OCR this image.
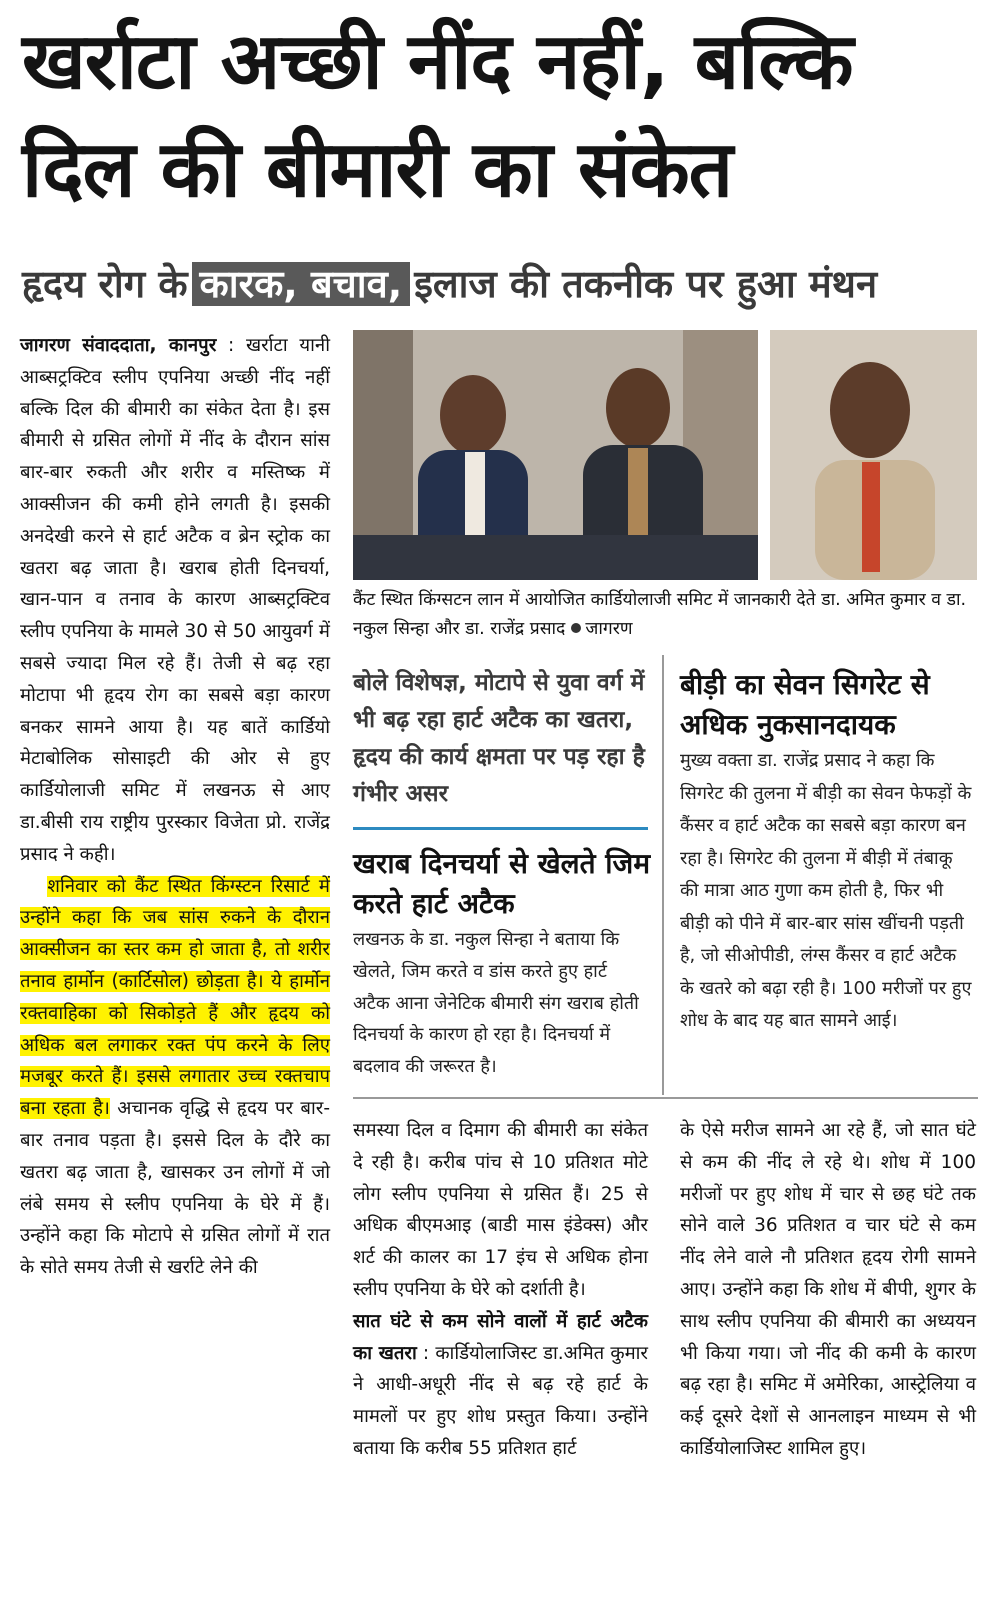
खर्राटा अच्छी नींद नहीं, बल्कि
दिल की बीमारी का संकेत
हृदय रोग के कारक, बचाव, इलाज की तकनीक पर हुआ मंथन
जागरण संवाददाता, कानपुर : खर्राटा यानी आब्सट्रक्टिव स्लीप एपनिया अच्छी नींद नहीं बल्कि दिल की बीमारी का संकेत देता है। इस बीमारी से ग्रसित लोगों में नींद के दौरान सांस बार-बार रुकती और शरीर व मस्तिष्क में आक्सीजन की कमी होने लगती है। इसकी अनदेखी करने से हार्ट अटैक व ब्रेन स्ट्रोक का खतरा बढ़ जाता है। खराब होती दिनचर्या, खान-पान व तनाव के कारण आब्सट्रक्टिव स्लीप एपनिया के मामले 30 से 50 आयुवर्ग में सबसे ज्यादा मिल रहे हैं। तेजी से बढ़ रहा मोटापा भी हृदय रोग का सबसे बड़ा कारण बनकर सामने आया है। यह बातें कार्डियो मेटाबोलिक सोसाइटी की ओर से हुए कार्डियोलाजी समिट में लखनऊ से आए डा.बीसी राय राष्ट्रीय पुरस्कार विजेता प्रो. राजेंद्र प्रसाद ने कही।
शनिवार को कैंट स्थित किंग्स्टन रिसार्ट में उन्होंने कहा कि जब सांस रुकने के दौरान आक्सीजन का स्तर कम हो जाता है, तो शरीर तनाव हार्मोन (कार्टिसोल) छोड़ता है। ये हार्मोन रक्तवाहिका को सिकोड़ते हैं और हृदय को अधिक बल लगाकर रक्त पंप करने के लिए मजबूर करते हैं। इससे लगातार उच्च रक्तचाप बना रहता है। अचानक वृद्धि से हृदय पर बार-बार तनाव पड़ता है। इससे दिल के दौरे का खतरा बढ़ जाता है, खासकर उन लोगों में जो लंबे समय से स्लीप एपनिया के घेरे में हैं। उन्होंने कहा कि मोटापे से ग्रसित लोगों में रात के सोते समय तेजी से खर्राटे लेने की
कैंट स्थित किंग्सटन लान में आयोजित कार्डियोलाजी समिट में जानकारी देते डा. अमित कुमार व डा. नकुल सिन्हा और डा. राजेंद्र प्रसाद जागरण
बोले विशेषज्ञ, मोटापे से युवा वर्ग में भी बढ़ रहा हार्ट अटैक का खतरा, हृदय की कार्य क्षमता पर पड़ रहा है गंभीर असर
खराब दिनचर्या से खेलते जिम करते हार्ट अटैक
लखनऊ के डा. नकुल सिन्हा ने बताया कि खेलते, जिम करते व डांस करते हुए हार्ट अटैक आना जेनेटिक बीमारी संग खराब होती दिनचर्या के कारण हो रहा है। दिनचर्या में बदलाव की जरूरत है।
बीड़ी का सेवन सिगरेट से अधिक नुकसानदायक
मुख्य वक्ता डा. राजेंद्र प्रसाद ने कहा कि सिगरेट की तुलना में बीड़ी का सेवन फेफड़ों के कैंसर व हार्ट अटैक का सबसे बड़ा कारण बन रहा है। सिगरेट की तुलना में बीड़ी में तंबाकू की मात्रा आठ गुणा कम होती है, फिर भी बीड़ी को पीने में बार-बार सांस खींचनी पड़ती है, जो सीओपीडी, लंग्स कैंसर व हार्ट अटैक के खतरे को बढ़ा रही है। 100 मरीजों पर हुए शोध के बाद यह बात सामने आई।
समस्या दिल व दिमाग की बीमारी का संकेत दे रही है। करीब पांच से 10 प्रतिशत मोटे लोग स्लीप एपनिया से ग्रसित हैं। 25 से अधिक बीएमआइ (बाडी मास इंडेक्स) और शर्ट की कालर का 17 इंच से अधिक होना स्लीप एपनिया के घेरे को दर्शाती है।
सात घंटे से कम सोने वालों में हार्ट अटैक का खतरा : कार्डियोलाजिस्ट डा.अमित कुमार ने आधी-अधूरी नींद से बढ़ रहे हार्ट के मामलों पर हुए शोध प्रस्तुत किया। उन्होंने बताया कि करीब 55 प्रतिशत हार्ट
के ऐसे मरीज सामने आ रहे हैं, जो सात घंटे से कम की नींद ले रहे थे। शोध में 100 मरीजों पर हुए शोध में चार से छह घंटे तक सोने वाले 36 प्रतिशत व चार घंटे से कम नींद लेने वाले नौ प्रतिशत हृदय रोगी सामने आए। उन्होंने कहा कि शोध में बीपी, शुगर के साथ स्लीप एपनिया की बीमारी का अध्ययन भी किया गया। जो नींद की कमी के कारण बढ़ रहा है। समिट में अमेरिका, आस्ट्रेलिया व कई दूसरे देशों से आनलाइन माध्यम से भी कार्डियोलाजिस्ट शामिल हुए।
